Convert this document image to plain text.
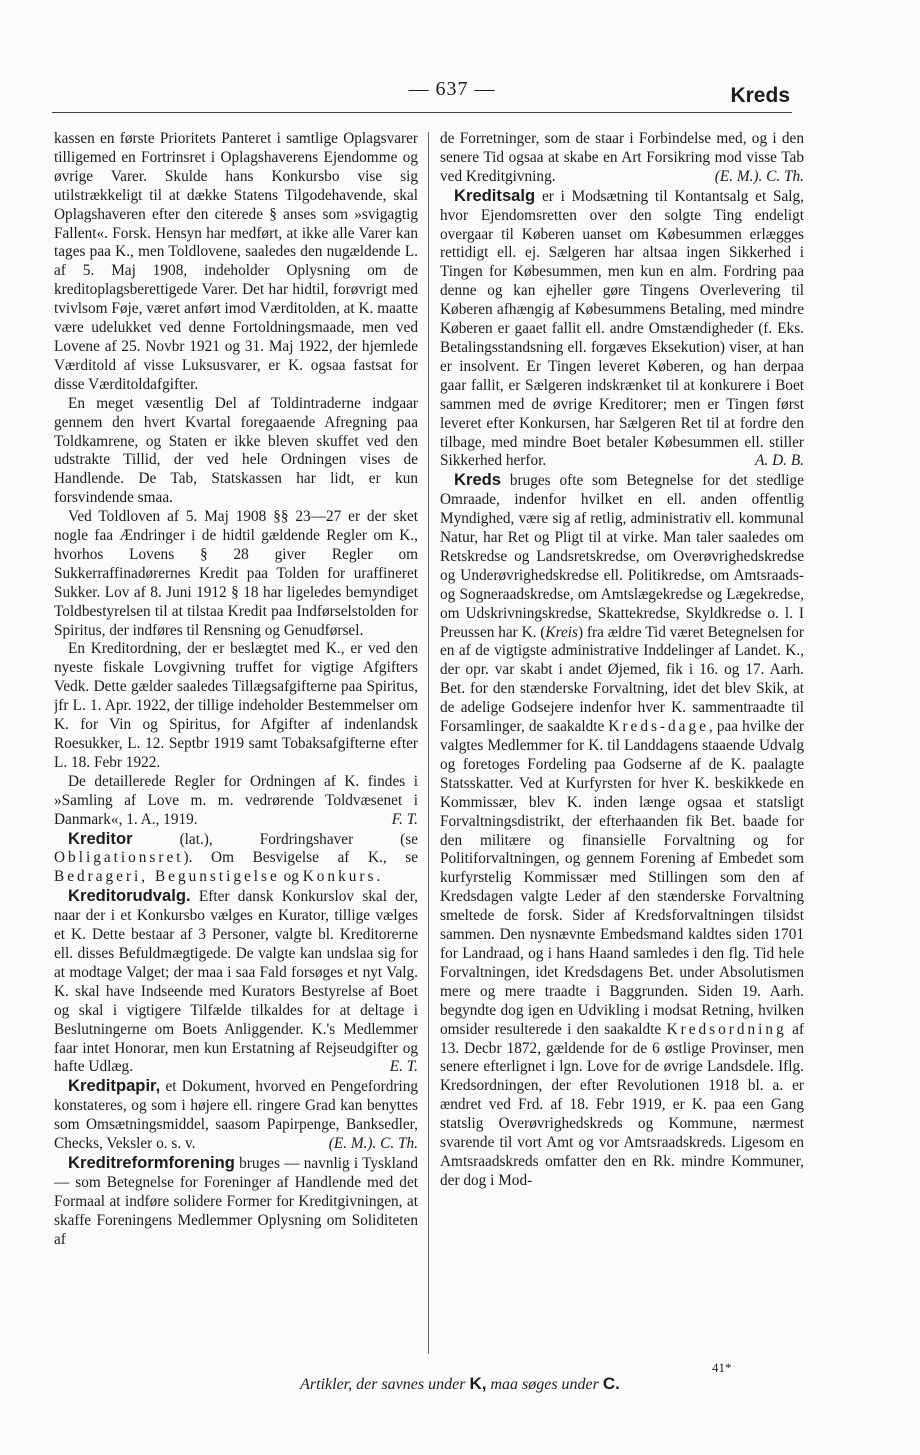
— 637 —	Kreds

kassen en første Prioritets Panteret i samtlige Oplagsvarer tilligemed en Fortrinsret i Oplagshaverens Ejendomme og øvrige Varer. Skulde hans Konkursbo vise sig utilstrækkeligt til at dække Statens Tilgodehavende, skal Oplagshaveren efter den citerede § anses som »svigagtig Fallent«. Forsk. Hensyn har medført, at ikke alle Varer kan tages paa K., men Toldlovene, saaledes den nugældende L. af 5. Maj 1908, indeholder Oplysning om de kreditoplagsberettigede Varer. Det har hidtil, forøvrigt med tvivlsom Føje, været anført imod Værditolden, at K. maatte være udelukket ved denne Fortoldningsmaade, men ved Lovene af 25. Novbr 1921 og 31. Maj 1922, der hjemlede Værditold af visse Luksusvarer, er K. ogsaa fastsat for disse Værditoldafgifter.

En meget væsentlig Del af Toldintraderne indgaar gennem den hvert Kvartal foregaaende Afregning paa Toldkamrene, og Staten er ikke bleven skuffet ved den udstrakte Tillid, der ved hele Ordningen vises de Handlende. De Tab, Statskassen har lidt, er kun forsvindende smaa.

Ved Toldloven af 5. Maj 1908 §§ 23—27 er der sket nogle faa Ændringer i de hidtil gældende Regler om K., hvorhos Lovens § 28 giver Regler om Sukkerraffinadørernes Kredit paa Tolden for uraffineret Sukker. Lov af 8. Juni 1912 § 18 har ligeledes bemyndiget Toldbestyrelsen til at tilstaa Kredit paa Indførselstolden for Spiritus, der indføres til Rensning og Genudførsel.

En Kreditordning, der er beslægtet med K., er ved den nyeste fiskale Lovgivning truffet for vigtige Afgifters Vedk. Dette gælder saaledes Tillægsafgifterne paa Spiritus, jfr L. 1. Apr. 1922, der tillige indeholder Bestemmelser om K. for Vin og Spiritus, for Afgifter af indenlandsk Roesukker, L. 12. Septbr 1919 samt Tobaksafgifterne efter L. 18. Febr 1922.

De detaillerede Regler for Ordningen af K. findes i »Samling af Love m. m. vedrørende Toldvæsenet i Danmark«, 1. A., 1919.	F. T.

Kreditor	(lat.), Fordringshaver (se Obligationsret). Om Besvigelse af K., se Bedrageri, Begunstigelse og Konkurs.

Kreditorudvalg. Efter dansk Konkurslov skal der, naar der i et Konkursbo vælges en Kurator, tillige vælges et K. Dette bestaar af 3 Personer, valgte bl. Kreditorerne ell. disses Befuldmægtigede. De valgte kan undslaa sig for at modtage Valget; der maa i saa Fald forsøges et nyt Valg. K. skal have Indseende med Kurators Bestyrelse af Boet og skal i vigtigere Tilfælde tilkaldes for at deltage i Beslutningerne om Boets Anliggender. K.'s Medlemmer faar intet Honorar, men kun Erstatning af Rejseudgifter og hafte Udlæg.	E. T.

Kreditpapir, et Dokument, hvorved en Pengefordring konstateres, og som i højere ell. ringere Grad kan benyttes som Omsætningsmiddel, saasom Papirpenge, Banksedler, Checks, Veksler o. s. v.	(E. M.). C. Th.

Kreditreformforening bruges — navnlig i Tyskland — som Betegnelse for Foreninger af Handlende med det Formaal at indføre solidere Former for Kreditgivningen, at skaffe Foreningens Medlemmer Oplysning om Soliditeten af

de Forretninger, som de staar i Forbindelse med, og i den senere Tid ogsaa at skabe en Art Forsikring mod visse Tab ved Kreditgivning.	(E. M.). C. Th.

Kreditsalg er i Modsætning til Kontantsalg et Salg, hvor Ejendomsretten over den solgte Ting endeligt overgaar til Køberen uanset om Købesummen erlægges rettidigt ell. ej. Sælgeren har altsaa ingen Sikkerhed i Tingen for Købesummen, men kun en alm. Fordring paa denne og kan ejheller gøre Tingens Overlevering til Køberen afhængig af Købesummens Betaling, med mindre Køberen er gaaet fallit ell. andre Omstændigheder (f. Eks. Betalingsstandsning ell. forgæves Eksekution) viser, at han er insolvent. Er Tingen leveret Køberen, og han derpaa gaar fallit, er Sælgeren indskrænket til at konkurere i Boet sammen med de øvrige Kreditorer; men er Tingen først leveret efter Konkursen, har Sælgeren Ret til at fordre den tilbage, med mindre Boet betaler Købesummen ell. stiller Sikkerhed herfor.	A. D. B.

Kreds bruges ofte som Betegnelse for det stedlige Omraade, indenfor hvilket en ell. anden offentlig Myndighed, være sig af retlig, administrativ ell. kommunal Natur, har Ret og Pligt til at virke. Man taler saaledes om Retskredse og Landsretskredse, om Overøvrighedskredse og Underøvrighedskredse ell. Politikredse, om Amtsraads- og Sogneraadskredse, om Amtslægekredse og Lægekredse, om Udskrivningskredse, Skattekredse, Skyldkredse o. l. I Preussen har K. (Kreis) fra ældre Tid været Betegnelsen for en af de vigtigste administrative Inddelinger af Landet. K., der opr. var skabt i andet Øjemed, fik i 16. og 17. Aarh. Bet. for den stænderske Forvaltning, idet det blev Skik, at de adelige Godsejere indenfor hver K. sammentraadte til Forsamlinger, de saakaldte Kreds-dage, paa hvilke der valgtes Medlemmer for K. til Landdagens staaende Udvalg og foretoges Fordeling paa Godserne af de K. paalagte Statsskatter. Ved at Kurfyrsten for hver K. beskikkede en Kommissær, blev K. inden længe ogsaa et statsligt Forvaltningsdistrikt, der efterhaanden fik Bet. baade for den militære og finansielle Forvaltning og for Politiforvaltningen, og gennem Forening af Embedet som kurfyrstelig Kommissær med Stillingen som den af Kredsdagen valgte Leder af den stænderske Forvaltning smeltede de forsk. Sider af Kredsforvaltningen tilsidst sammen. Den nysnævnte Embedsmand kaldtes siden 1701 for Landraad, og i hans Haand samledes i den flg. Tid hele Forvaltningen, idet Kredsdagens Bet. under Absolutismen mere og mere traadte i Baggrunden. Siden 19. Aarh. begyndte dog igen en Udvikling i modsat Retning, hvilken omsider resulterede i den saakaldte Kredsordning af 13. Decbr 1872, gældende for de 6 østlige Provinser, men senere efterlignet i lgn. Love for de øvrige Landsdele. Iflg. Kredsordningen, der efter Revolutionen 1918 bl. a. er ændret ved Frd. af 18. Febr 1919, er K. paa een Gang statslig Overøvrighedskreds og Kommune, nærmest svarende til vort Amt og vor Amtsraadskreds. Ligesom en Amtsraadskreds omfatter den en Rk. mindre Kommuner, der dog i Mod-

41*
Artikler, der savnes under K, maa søges under C.
